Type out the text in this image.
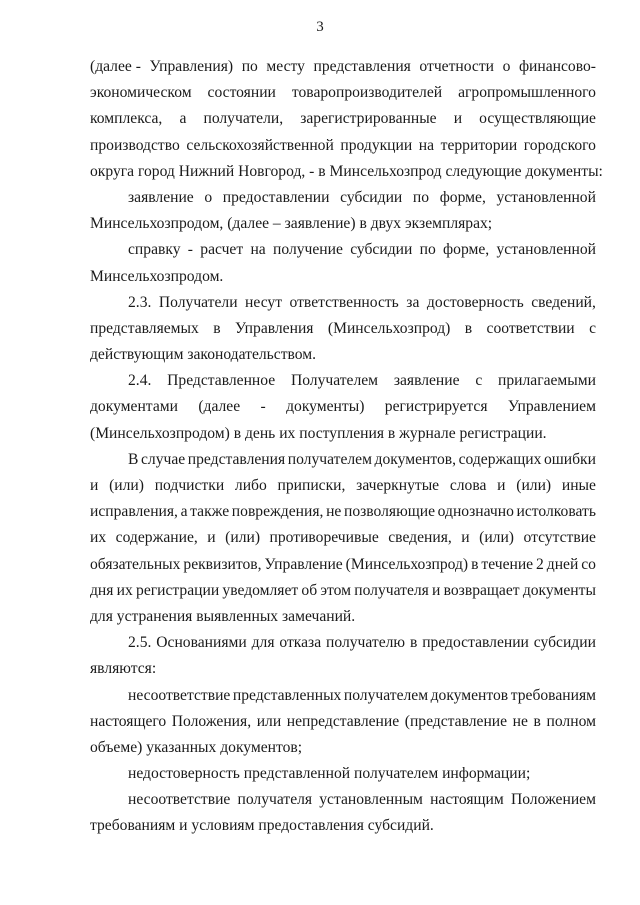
3
(далее - Управления) по месту представления отчетности о финансово-
экономическом состоянии товаропроизводителей агропромышленного
комплекса, а получатели, зарегистрированные и осуществляющие
производство сельскохозяйственной продукции на территории городского
округа город Нижний Новгород, - в Минсельхозпрод следующие документы:
заявление о предоставлении субсидии по форме, установленной
Минсельхозпродом, (далее – заявление) в двух экземплярах;
справку - расчет на получение субсидии по форме, установленной
Минсельхозпродом.
2.3. Получатели несут ответственность за достоверность сведений,
представляемых в Управления (Минсельхозпрод) в соответствии с
действующим законодательством.
2.4. Представленное Получателем заявление с прилагаемыми
документами (далее - документы) регистрируется Управлением
(Минсельхозпродом) в день их поступления в журнале регистрации.
В случае представления получателем документов, содержащих ошибки
и (или) подчистки либо приписки, зачеркнутые слова и (или) иные
исправления, а также повреждения, не позволяющие однозначно истолковать
их содержание, и (или) противоречивые сведения, и (или) отсутствие
обязательных реквизитов, Управление (Минсельхозпрод) в течение 2 дней со
дня их регистрации уведомляет об этом получателя и возвращает документы
для устранения выявленных замечаний.
2.5. Основаниями для отказа получателю в предоставлении субсидии
являются:
несоответствие представленных получателем документов требованиям
настоящего Положения, или непредставление (представление не в полном
объеме) указанных документов;
недостоверность представленной получателем информации;
несоответствие получателя установленным настоящим Положением
требованиям и условиям предоставления субсидий.
